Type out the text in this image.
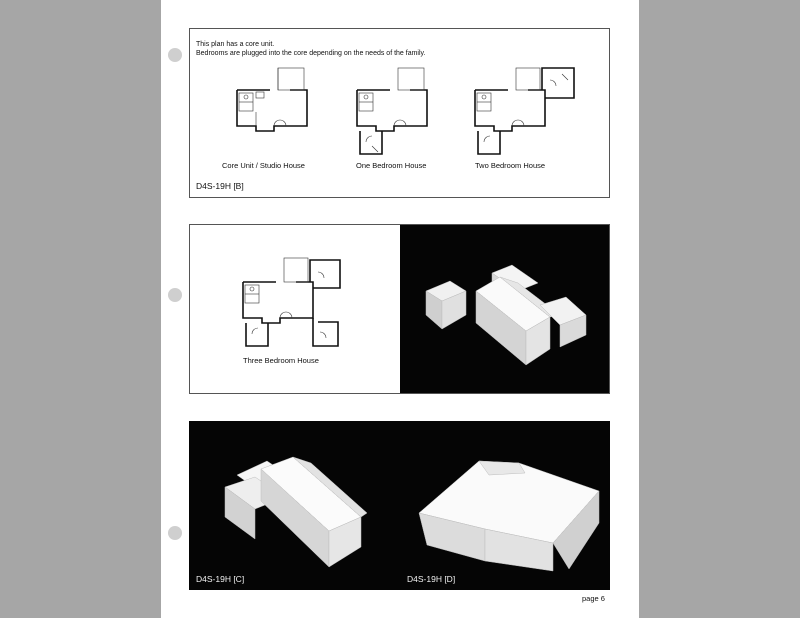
This plan has a core unit.
Bedrooms are plugged into the core depending on the needs of the family.
Core Unit / Studio House	One Bedroom House	Two Bedroom House
D4S-19H [B]
Three Bedroom House
D4S-19H [C]	D4S-19H [D]
page 6
